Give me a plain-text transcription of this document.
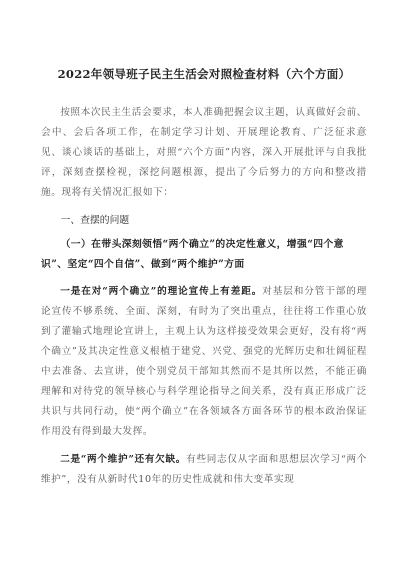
2022年领导班子民主生活会对照检查材料（六个方面）

按照本次民主生活会要求，本人准确把握会议主题，认真做好会前、会中、会后各项工作，在制定学习计划、开展理论教育、广泛征求意见、谈心谈话的基础上，对照“六个方面”内容，深入开展批评与自我批评，深刻查摆检视，深挖问题根源，提出了今后努力的方向和整改措施。现将有关情况汇报如下：

一、查摆的问题
（一）在带头深刻领悟“两个确立”的决定性意义，增强“四个意识”、坚定“四个自信”、做到“两个维护”方面

一是在对“两个确立”的理论宣传上有差距。对基层和分管干部的理论宣传不够系统、全面、深刻，有时为了突出重点，往往将工作重心放到了灌输式地理论宣讲上，主观上认为这样接受效果会更好，没有将“两个确立”及其决定性意义根植于建党、兴党、强党的光辉历史和壮阔征程中去准备、去宣讲，使个别党员干部知其然而不是其所以然，不能正确理解和对待党的领导核心与科学理论指导之间关系，没有真正形成广泛共识与共同行动，使“两个确立”在各领域各方面各环节的根本政治保证作用没有得到最大发挥。

二是“两个维护”还有欠缺。有些同志仅从字面和思想层次学习“两个维护”，没有从新时代10年的历史性成就和伟大变革实现
